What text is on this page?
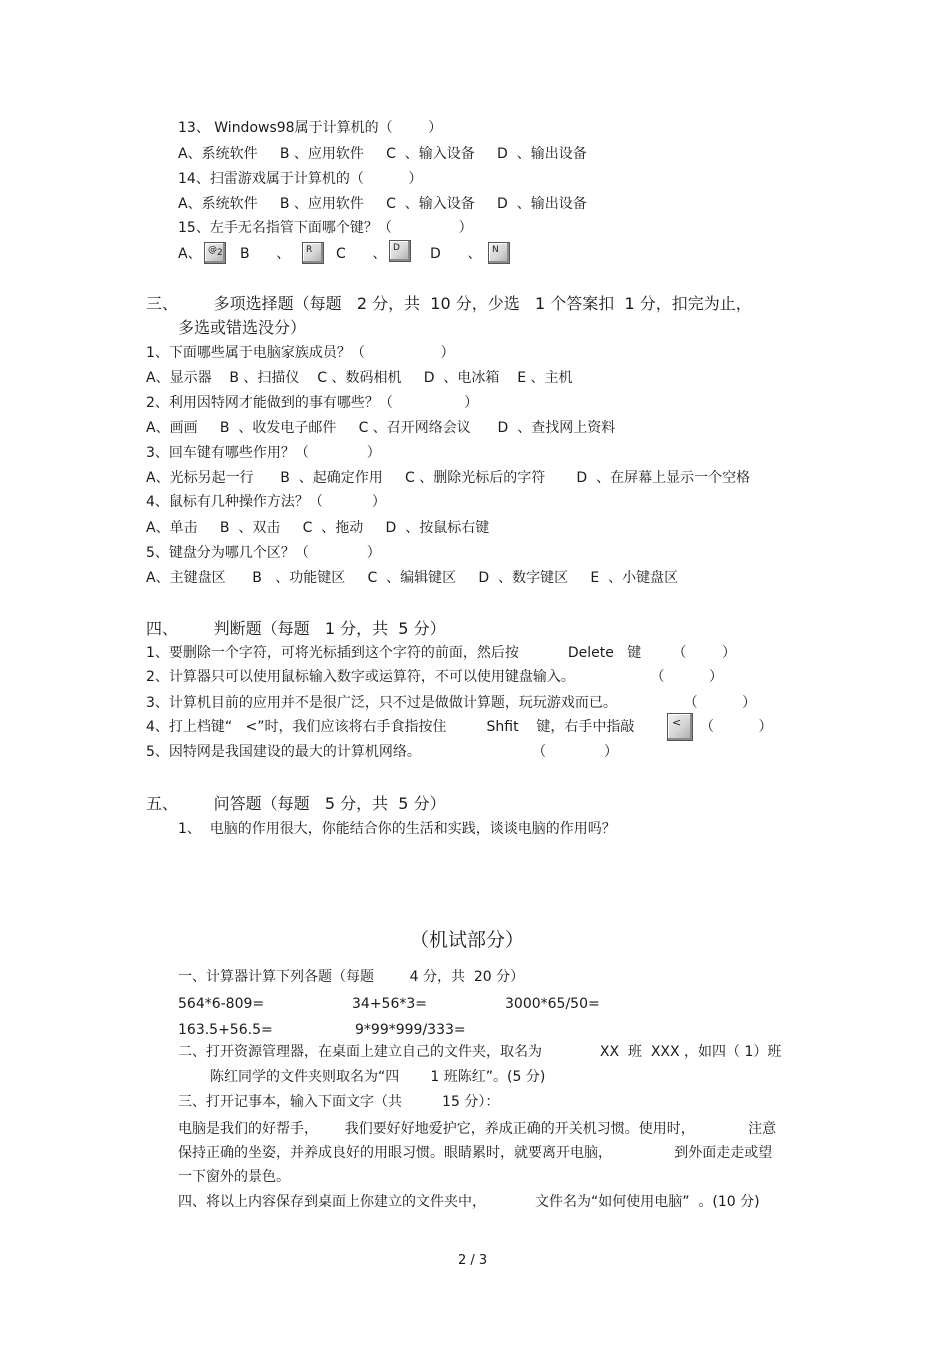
13、 Windows98属于计算机的（        ）
A、系统软件     B 、应用软件     C  、输入设备     D  、输出设备
14、扫雷游戏属于计算机的（          ）
A、系统软件     B 、应用软件     C  、输入设备     D  、输出设备
15、左手无名指管下面哪个键？（               ）
A、 $@_2$ B      、	R	C      、 D	D      、	N
三、       多项选择题（每题   2 分，共  10 分，少选   1 个答案扣  1 分，扣完为止，
多选或错选没分）
1、下面哪些属于电脑家族成员？（                 ）
A、显示器    B 、扫描仪    C 、数码相机     D  、电冰箱    E 、主机
2、利用因特网才能做到的事有哪些？（                ）
A、画画     B  、收发电子邮件     C 、召开网络会议      D  、查找网上资料
3、回车键有哪些作用？（             ）
A、光标另起一行      B  、起确定作用     C 、删除光标后的字符       D  、在屏幕上显示一个空格
4、鼠标有几种操作方法？（           ）
A、单击     B  、双击     C  、拖动     D  、按鼠标右键
5、键盘分为哪几个区？（             ）
A、主键盘区      B   、功能键区     C  、编辑键区     D  、数字键区     E  、小键盘区
四、       判断题（每题   1 分，共  5 分）
1、要删除一个字符，可将光标插到这个字符的前面，然后按           Delete   键       （        ）
2、计算器只可以使用鼠标输入数字或运算符，不可以使用键盘输入。                 （          ）
3、计算机目前的应用并不是很广泛，只不过是做做计算题，玩玩游戏而已。               （          ）
4、打上档键“   <”时，我们应该将右手食指按住         Shfit    键，右手中指敲	<	（          ）
5、因特网是我国建设的最大的计算机网络。                         （             ）
五、       问答题（每题   5 分，共  5 分）
1、  电脑的作用很大，你能结合你的生活和实践，谈谈电脑的作用吗？
（机试部分）
一、计算器计算下列各题（每题        4 分，共  20 分）
564*6-809=	34+56*3=	3000*65/50=
163.5+56.5=	9*99*999/333=
二、打开资源管理器，在桌面上建立自己的文件夹，取名为             XX  班  XXX ，如四（ 1）班
陈红同学的文件夹则取名为“四       1 班陈红”。(5 分)
三、打开记事本，输入下面文字（共         15 分）：
电脑是我们的好帮手，      我们要好好地爱护它，养成正确的开关机习惯。使用时，            注意
保持正确的坐姿，并养成良好的用眼习惯。眼睛累时，就要离开电脑，              到外面走走或望
一下窗外的景色。
四、将以上内容保存到桌面上你建立的文件夹中，           文件名为“如何使用电脑”  。(10 分)
2 / 3
